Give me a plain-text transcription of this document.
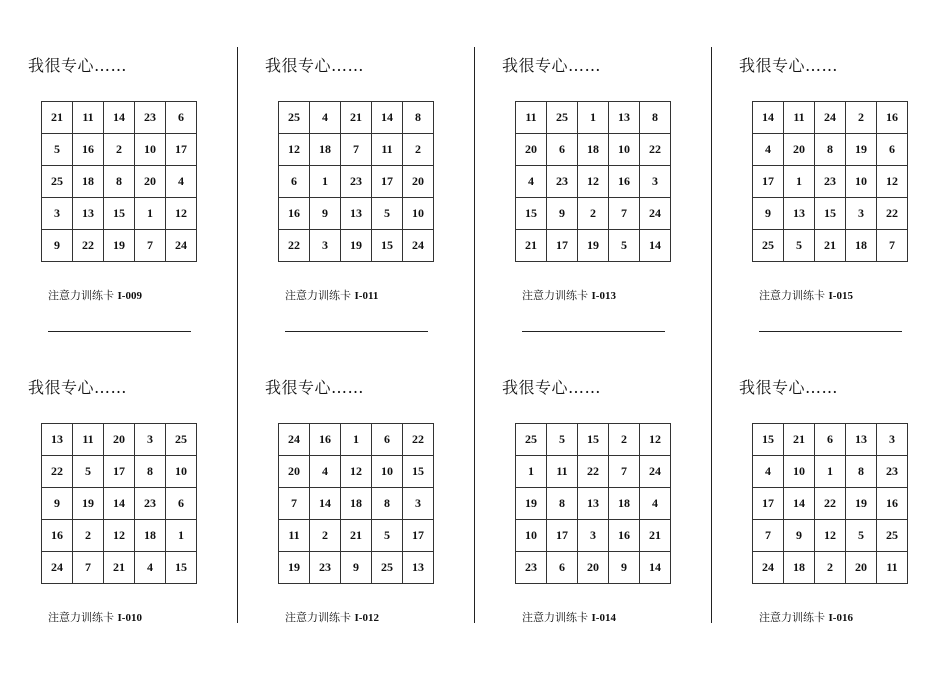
我很专心……
21	11	14	23	6
5	16	2	10	17
25	18	8	20	4
3	13	15	1	12
9	22	19	7	24
注意力训练卡 I-009
我很专心……
25	4	21	14	8
12	18	7	11	2
6	1	23	17	20
16	9	13	5	10
22	3	19	15	24
注意力训练卡 I-011
我很专心……
11	25	1	13	8
20	6	18	10	22
4	23	12	16	3
15	9	2	7	24
21	17	19	5	14
注意力训练卡 I-013
我很专心……
14	11	24	2	16
4	20	8	19	6
17	1	23	10	12
9	13	15	3	22
25	5	21	18	7
注意力训练卡 I-015
我很专心……
13	11	20	3	25
22	5	17	8	10
9	19	14	23	6
16	2	12	18	1
24	7	21	4	15
注意力训练卡 I-010
我很专心……
24	16	1	6	22
20	4	12	10	15
7	14	18	8	3
11	2	21	5	17
19	23	9	25	13
注意力训练卡 I-012
我很专心……
25	5	15	2	12
1	11	22	7	24
19	8	13	18	4
10	17	3	16	21
23	6	20	9	14
注意力训练卡 I-014
我很专心……
15	21	6	13	3
4	10	1	8	23
17	14	22	19	16
7	9	12	5	25
24	18	2	20	11
注意力训练卡 I-016
